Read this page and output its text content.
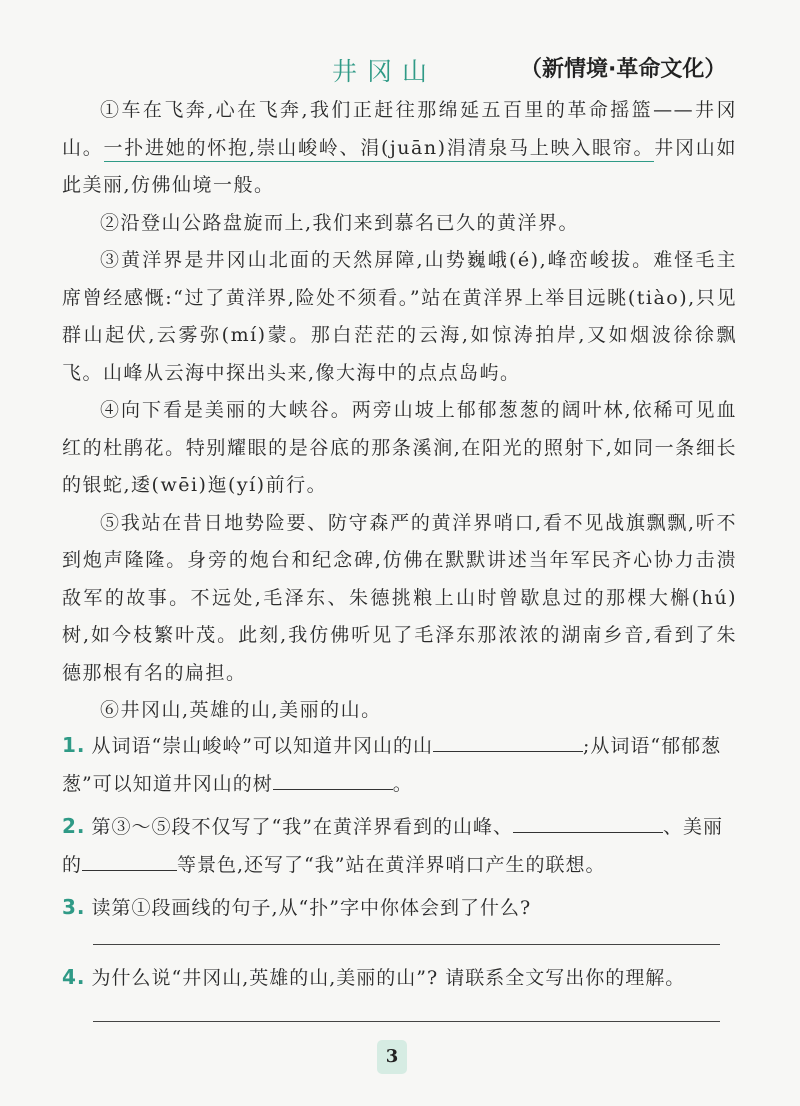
井冈山	（新情境·革命文化）

①车在飞奔,心在飞奔,我们正赶往那绵延五百里的革命摇篮——井冈山。一扑进她的怀抱,崇山峻岭、涓(juān)涓清泉马上映入眼帘。井冈山如此美丽,仿佛仙境一般。

②沿登山公路盘旋而上,我们来到慕名已久的黄洋界。

③黄洋界是井冈山北面的天然屏障,山势巍峨(é),峰峦峻拔。难怪毛主席曾经感慨:“过了黄洋界,险处不须看。”站在黄洋界上举目远眺(tiào),只见群山起伏,云雾弥(mí)蒙。那白茫茫的云海,如惊涛拍岸,又如烟波徐徐飘飞。山峰从云海中探出头来,像大海中的点点岛屿。

④向下看是美丽的大峡谷。两旁山坡上郁郁葱葱的阔叶林,依稀可见血红的杜鹃花。特别耀眼的是谷底的那条溪涧,在阳光的照射下,如同一条细长的银蛇,逶(wēi)迤(yí)前行。

⑤我站在昔日地势险要、防守森严的黄洋界哨口,看不见战旗飘飘,听不到炮声隆隆。身旁的炮台和纪念碑,仿佛在默默讲述当年军民齐心协力击溃敌军的故事。不远处,毛泽东、朱德挑粮上山时曾歇息过的那棵大槲(hú)树,如今枝繁叶茂。此刻,我仿佛听见了毛泽东那浓浓的湖南乡音,看到了朱德那根有名的扁担。

⑥井冈山,英雄的山,美丽的山。

1. 从词语“崇山峻岭”可以知道井冈山的山	;从词语“郁郁葱葱”可以知道井冈山的树	。

2. 第③～⑤段不仅写了“我”在黄洋界看到的山峰、	、美丽的	等景色,还写了“我”站在黄洋界哨口产生的联想。

3. 读第①段画线的句子,从“扑”字中你体会到了什么?

4. 为什么说“井冈山,英雄的山,美丽的山”? 请联系全文写出你的理解。

3
